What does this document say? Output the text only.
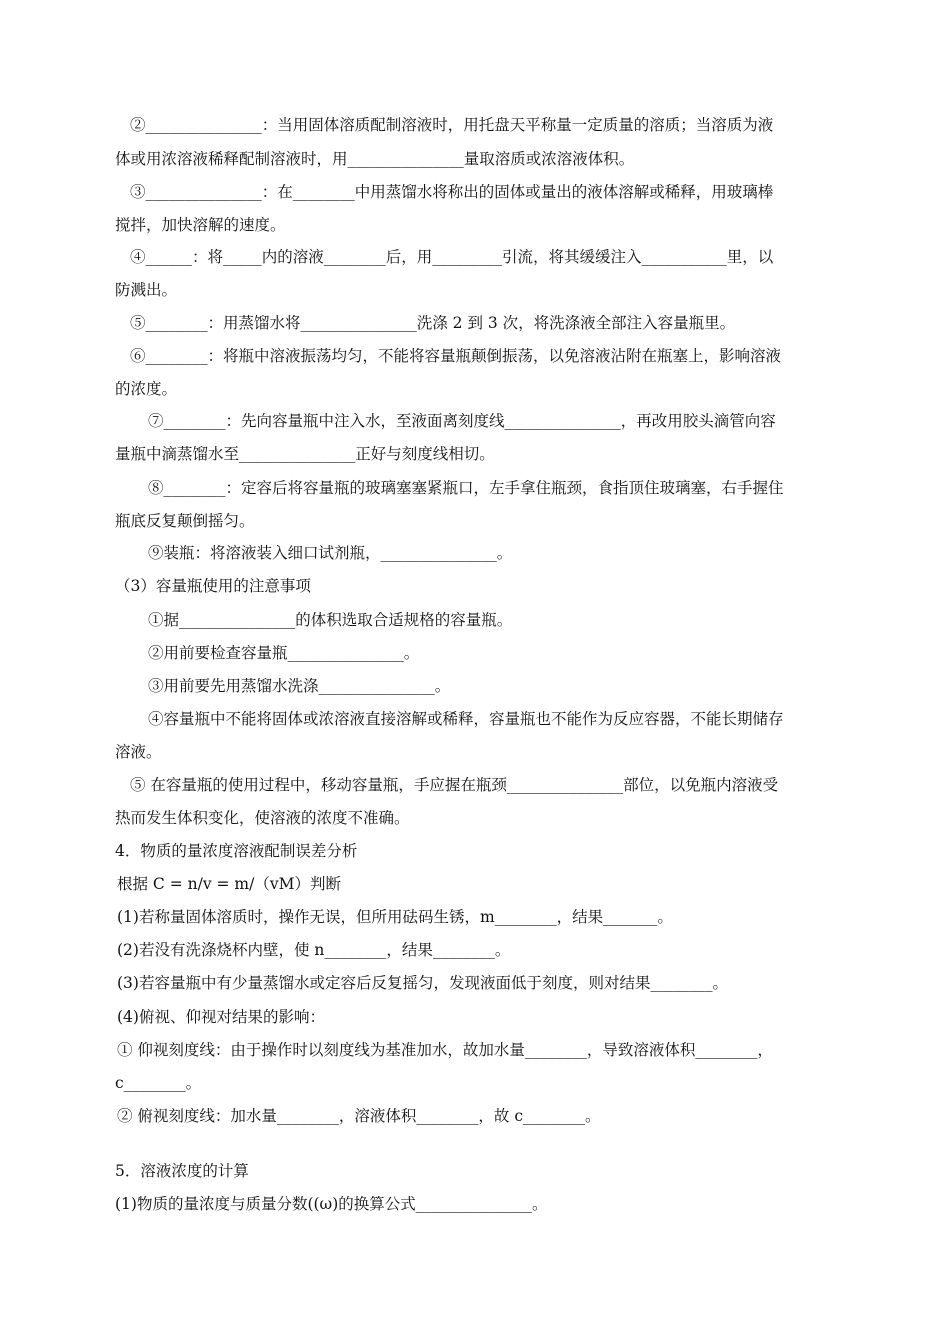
②_______________：当用固体溶质配制溶液时，用托盘天平称量一定质量的溶质；当溶质为液
体或用浓溶液稀释配制溶液时，用_______________量取溶质或浓溶液体积。
③_______________：在________中用蒸馏水将称出的固体或量出的液体溶解或稀释，用玻璃棒
搅拌，加快溶解的速度。
④______：将_____内的溶液________后，用_________引流，将其缓缓注入___________里，以
防溅出。
⑤________：用蒸馏水将_______________洗涤 2 到 3 次，将洗涤液全部注入容量瓶里。
⑥________：将瓶中溶液振荡均匀，不能将容量瓶颠倒振荡，以免溶液沾附在瓶塞上，影响溶液
的浓度。
⑦________：先向容量瓶中注入水，至液面离刻度线_______________，再改用胶头滴管向容
量瓶中滴蒸馏水至_______________正好与刻度线相切。
⑧________：定容后将容量瓶的玻璃塞塞紧瓶口，左手拿住瓶颈，食指顶住玻璃塞，右手握住
瓶底反复颠倒摇匀。
⑨装瓶：将溶液装入细口试剂瓶，_______________。
（3）容量瓶使用的注意事项
①据_______________的体积选取合适规格的容量瓶。
②用前要检查容量瓶_______________。
③用前要先用蒸馏水洗涤_______________。
④容量瓶中不能将固体或浓溶液直接溶解或稀释，容量瓶也不能作为反应容器，不能长期储存
溶液。
⑤ 在容量瓶的使用过程中，移动容量瓶，手应握在瓶颈_______________部位，以免瓶内溶液受
热而发生体积变化，使溶液的浓度不准确。
4．物质的量浓度溶液配制误差分析
根据 C = n/v = m/（vM）判断
(1)若称量固体溶质时，操作无误，但所用砝码生锈，m________，结果_______。
(2)若没有洗涤烧杯内壁，使 n________，结果________。
(3)若容量瓶中有少量蒸馏水或定容后反复摇匀，发现液面低于刻度，则对结果________。
(4)俯视、仰视对结果的影响：
① 仰视刻度线：由于操作时以刻度线为基准加水，故加水量________，导致溶液体积________，
c________。
② 俯视刻度线：加水量________，溶液体积________，故 c________。
5．溶液浓度的计算
(1)物质的量浓度与质量分数((ω)的换算公式_______________。
